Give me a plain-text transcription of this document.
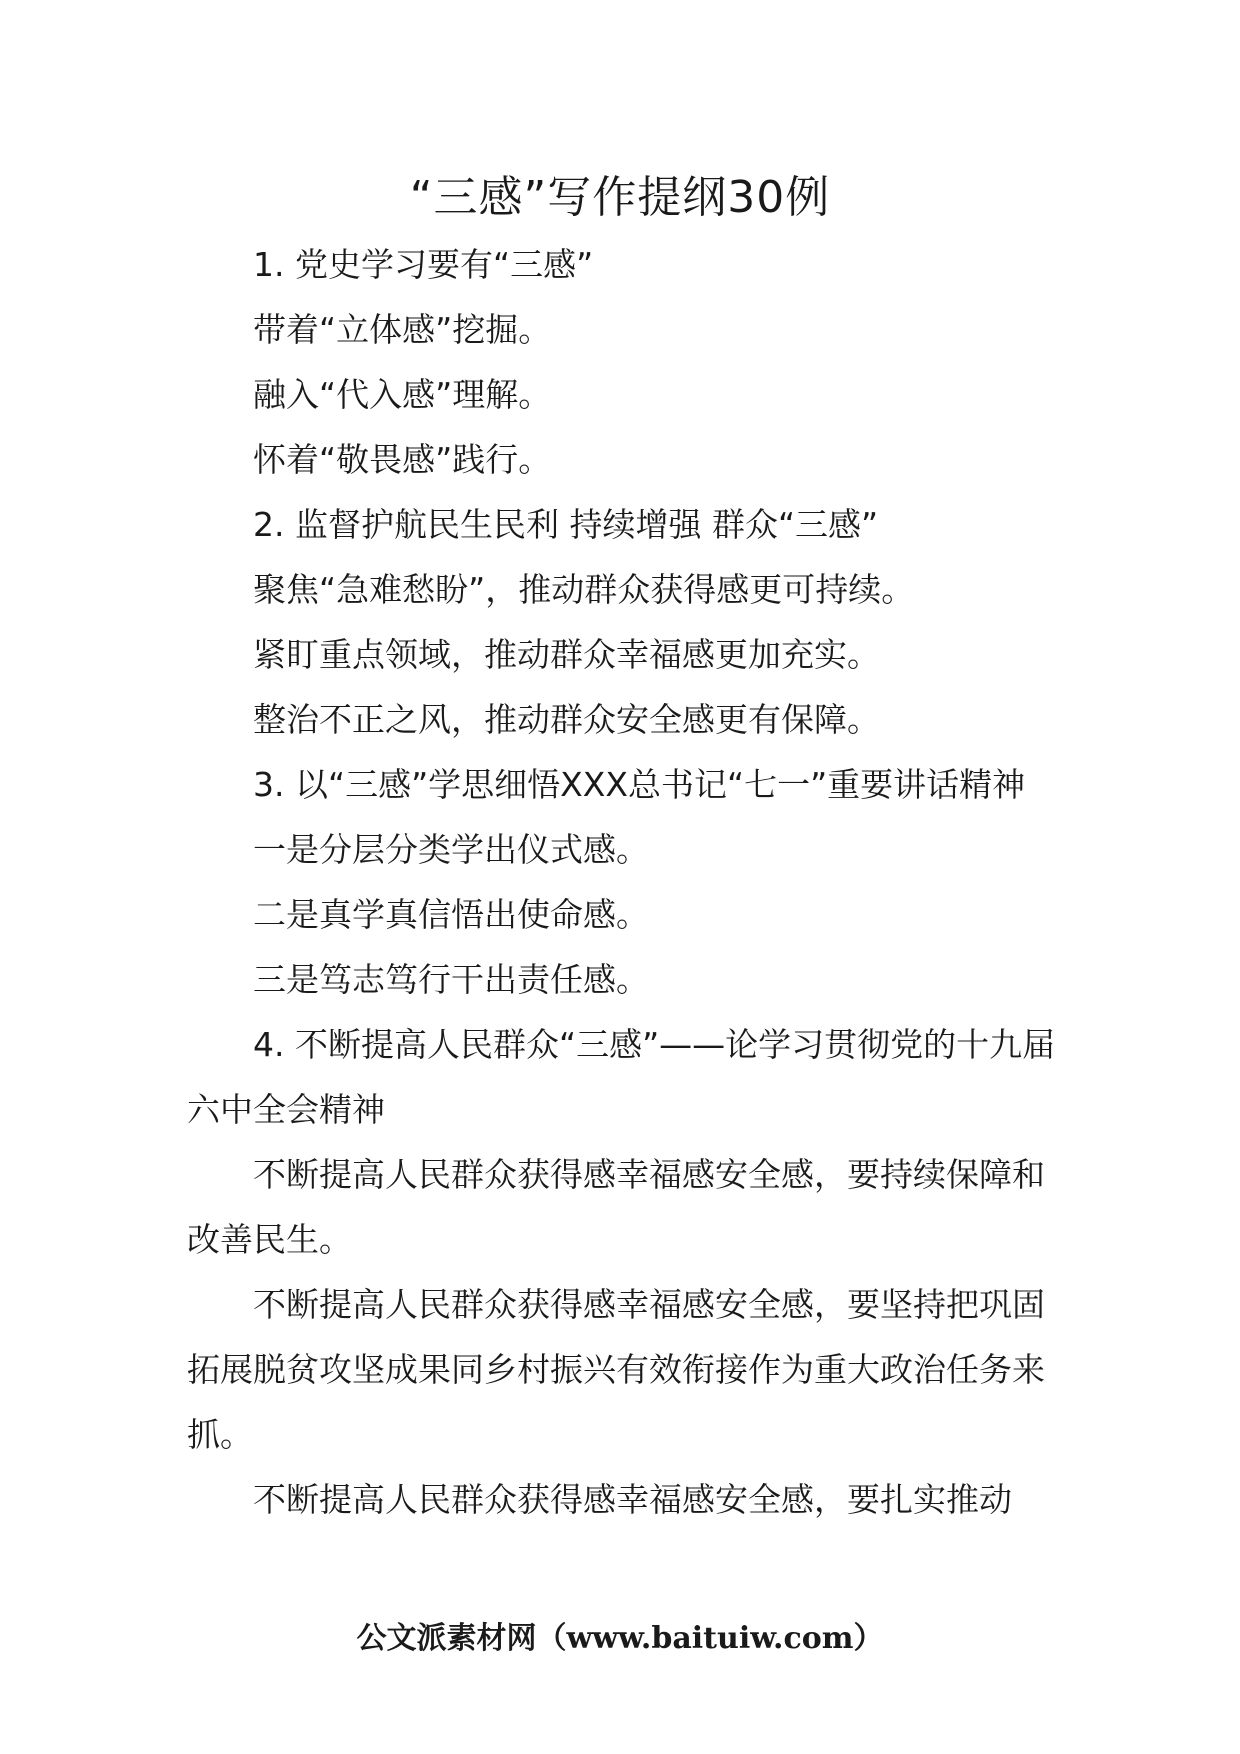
“三感”写作提纲30例

1. 党史学习要有“三感”

带着“立体感”挖掘。

融入“代入感”理解。

怀着“敬畏感”践行。

2. 监督护航民生民利 持续增强 群众“三感”

聚焦“急难愁盼”，推动群众获得感更可持续。

紧盯重点领域，推动群众幸福感更加充实。

整治不正之风，推动群众安全感更有保障。

3. 以“三感”学思细悟XXX总书记“七一”重要讲话精神

一是分层分类学出仪式感。

二是真学真信悟出使命感。

三是笃志笃行干出责任感。

4. 不断提高人民群众“三感”——论学习贯彻党的十九届六中全会精神

不断提高人民群众获得感幸福感安全感，要持续保障和改善民生。

不断提高人民群众获得感幸福感安全感，要坚持把巩固拓展脱贫攻坚成果同乡村振兴有效衔接作为重大政治任务来抓。

不断提高人民群众获得感幸福感安全感，要扎实推动

公文派素材网（www.baituiw.com）
